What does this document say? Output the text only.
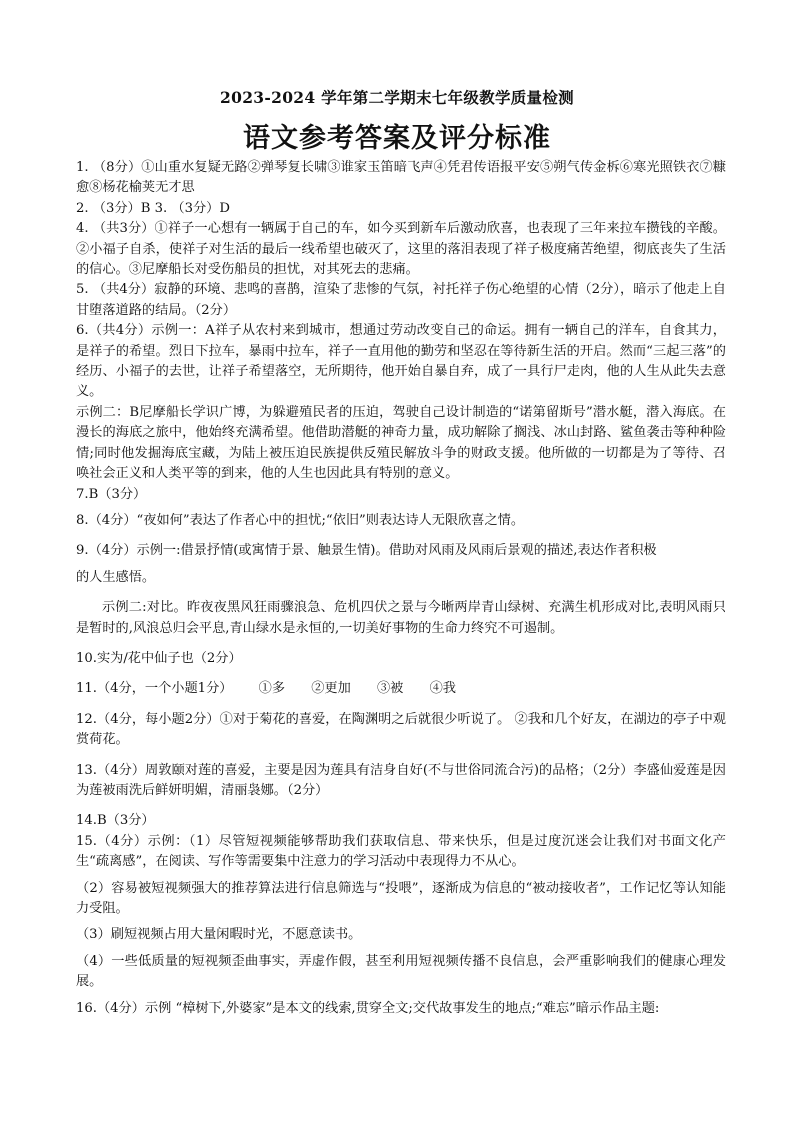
2023-2024 学年第二学期末七年级教学质量检测
语文参考答案及评分标准

1. （8分）①山重水复疑无路②弹琴复长啸③谁家玉笛暗飞声④凭君传语报平安⑤朔气传金柝⑥寒光照铁衣⑦糠愈⑧杨花榆荚无才思

2. （3分）B 3. （3分）D

4. （共3分）①祥子一心想有一辆属于自己的车，如今买到新车后激动欣喜，也表现了三年来拉车攒钱的辛酸。②小福子自杀，使祥子对生活的最后一线希望也破灭了，这里的落泪表现了祥子极度痛苦绝望，彻底丧失了生活的信心。③尼摩船长对受伤船员的担忧，对其死去的悲痛。

5. （共4分）寂静的环境、悲鸣的喜鹊，渲染了悲惨的气氛，衬托祥子伤心绝望的心情（2分），暗示了他走上自甘堕落道路的结局。（2分）

6.（共4分）示例一：A祥子从农村来到城市，想通过劳动改变自己的命运。拥有一辆自己的洋车，自食其力，是祥子的希望。烈日下拉车，暴雨中拉车，祥子一直用他的勤劳和坚忍在等待新生活的开启。然而“三起三落”的经历、小福子的去世，让祥子希望落空，无所期待，他开始自暴自弃，成了一具行尸走肉，他的人生从此失去意义。

示例二：B尼摩船长学识广博，为躲避殖民者的压迫，驾驶自己设计制造的“诺第留斯号”潜水艇，潜入海底。在漫长的海底之旅中，他始终充满希望。他借助潜艇的神奇力量，成功解除了搁浅、冰山封路、鲨鱼袭击等种种险情;同时他发掘海底宝藏，为陆上被压迫民族提供反殖民解放斗争的财政支援。他所做的一切都是为了等待、召唤社会正义和人类平等的到来，他的人生也因此具有特别的意义。

7.B（3分）

8.（4分）“夜如何”表达了作者心中的担忧;“依旧”则表达诗人无限欣喜之情。

9.（4分）示例一:借景抒情(或寓情于景、触景生情)。借助对风雨及风雨后景观的描述,表达作者积极

的人生感悟。

示例二:对比。昨夜夜黑风狂雨骤浪急、危机四伏之景与今晰两岸青山绿树、充满生机形成对比,表明风雨只是暂时的,风浪总归会平息,青山绿水是永恒的,一切美好事物的生命力终究不可遏制。

10.实为/花中仙子也（2分）

11.（4分，一个小题1分） ①多 ②更加 ③被 ④我

12.（4分，每小题2分）①对于菊花的喜爱，在陶渊明之后就很少听说了。 ②我和几个好友，在湖边的亭子中观赏荷花。

13.（4分）周敦颐对莲的喜爱，主要是因为莲具有洁身自好(不与世俗同流合污)的品格；（2分）李盛仙爱莲是因为莲被雨洗后鲜妍明媚，清丽袅娜。（2分）

14.B（3分）

15.（4分）示例：（1）尽管短视频能够帮助我们获取信息、带来快乐，但是过度沉迷会让我们对书面文化产生“疏离感”，在阅读、写作等需要集中注意力的学习活动中表现得力不从心。

（2）容易被短视频强大的推荐算法进行信息筛选与“投喂”，逐渐成为信息的“被动接收者”，工作记忆等认知能力受阻。

（3）刷短视频占用大量闲暇时光，不愿意读书。

（4）一些低质量的短视频歪曲事实，弄虚作假，甚至利用短视频传播不良信息，会严重影响我们的健康心理发展。

16.（4分）示例 “樟树下,外婆家”是本文的线索,贯穿全文;交代故事发生的地点;“难忘”暗示作品主题:
